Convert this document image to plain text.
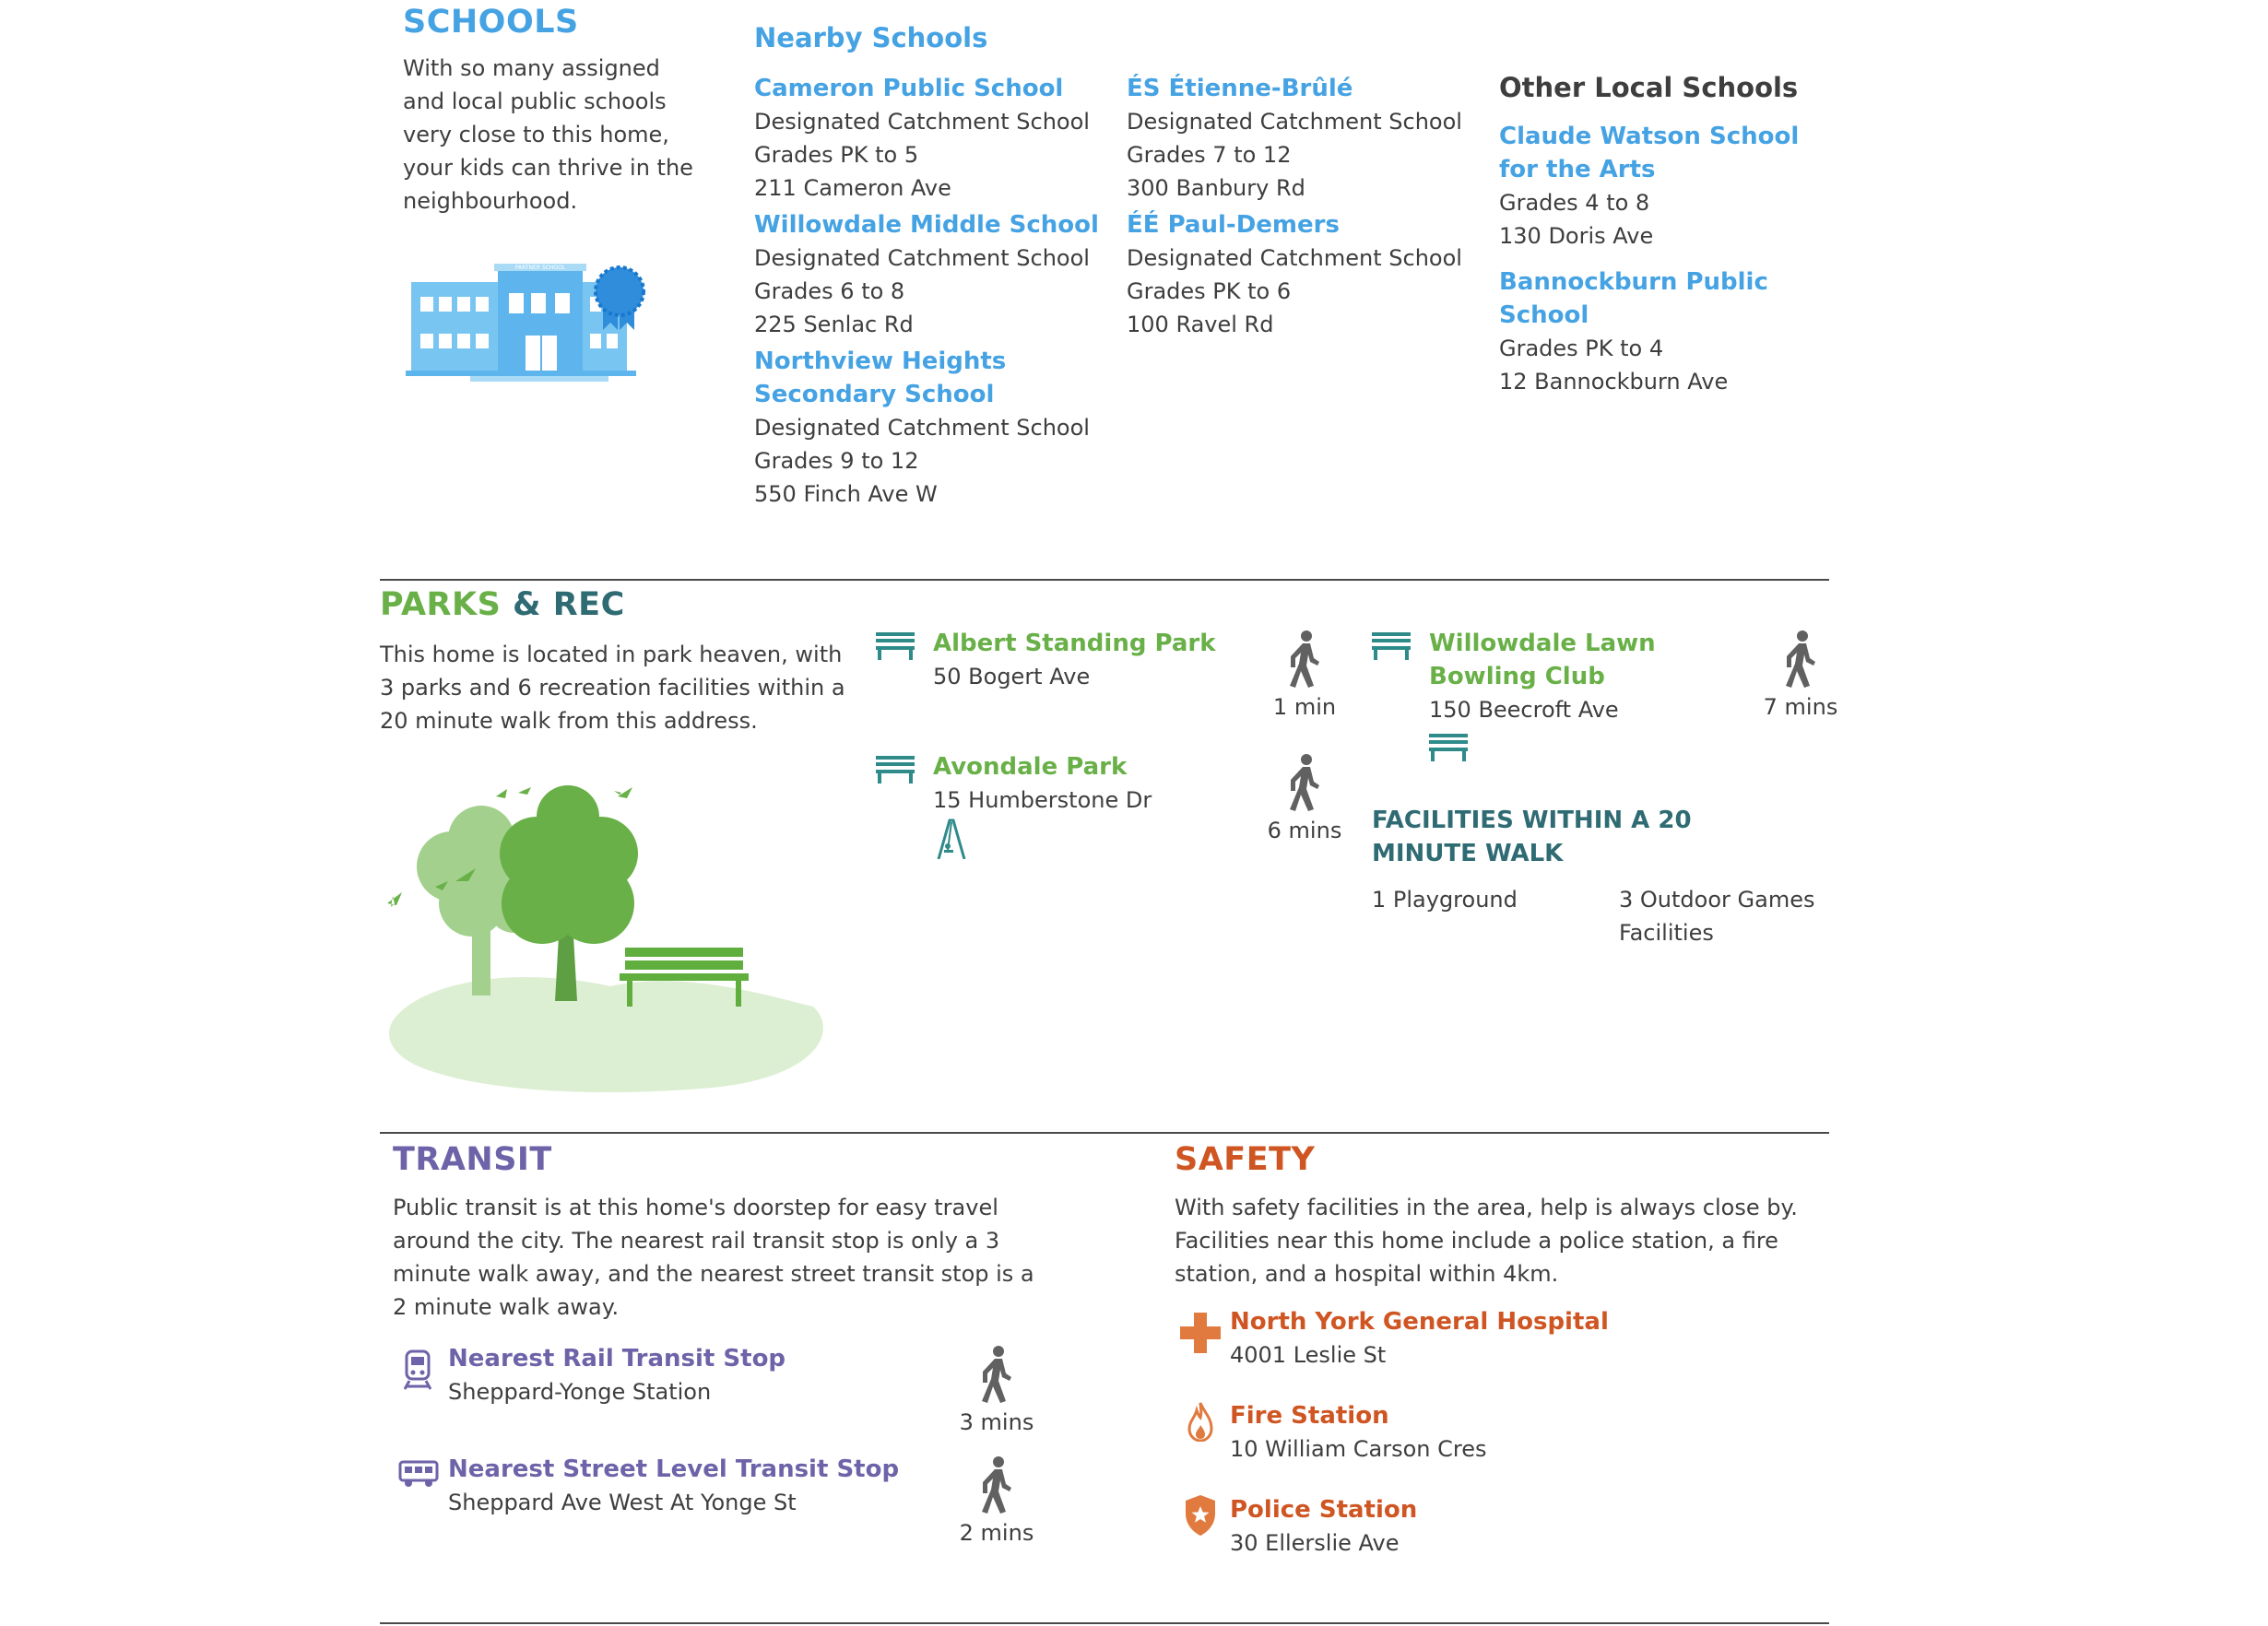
SCHOOLS
With so many assigned and local public schools very close to this home, your kids can thrive in the neighbourhood.
PARTNER SCHOOL
Nearby Schools
Cameron Public School
Designated Catchment School
Grades PK to 5
211 Cameron Ave
Willowdale Middle School
Designated Catchment School
Grades 6 to 8
225 Senlac Rd
Northview Heights Secondary School
Designated Catchment School
Grades 9 to 12
550 Finch Ave W
ÉS Étienne-Brûlé
Designated Catchment School
Grades 7 to 12
300 Banbury Rd
ÉÉ Paul-Demers
Designated Catchment School
Grades PK to 6
100 Ravel Rd
Other Local Schools
Claude Watson School for the Arts
Grades 4 to 8
130 Doris Ave
Bannockburn Public School
Grades PK to 4
12 Bannockburn Ave
PARKS & REC
This home is located in park heaven, with 3 parks and 6 recreation facilities within a 20 minute walk from this address.
Albert Standing Park
50 Bogert Ave
1 min
Avondale Park
15 Humberstone Dr
6 mins
Willowdale Lawn Bowling Club
150 Beecroft Ave	7 mins
FACILITIES WITHIN A 20 MINUTE WALK
1 Playground	3 Outdoor Games Facilities
TRANSIT
Public transit is at this home's doorstep for easy travel around the city. The nearest rail transit stop is only a 3 minute walk away, and the nearest street transit stop is a 2 minute walk away.
Nearest Rail Transit Stop
Sheppard-Yonge Station
3 mins
Nearest Street Level Transit Stop
Sheppard Ave West At Yonge St
2 mins
SAFETY
With safety facilities in the area, help is always close by. Facilities near this home include a police station, a fire station, and a hospital within 4km.
North York General Hospital
4001 Leslie St
Fire Station
10 William Carson Cres
Police Station
30 Ellerslie Ave
